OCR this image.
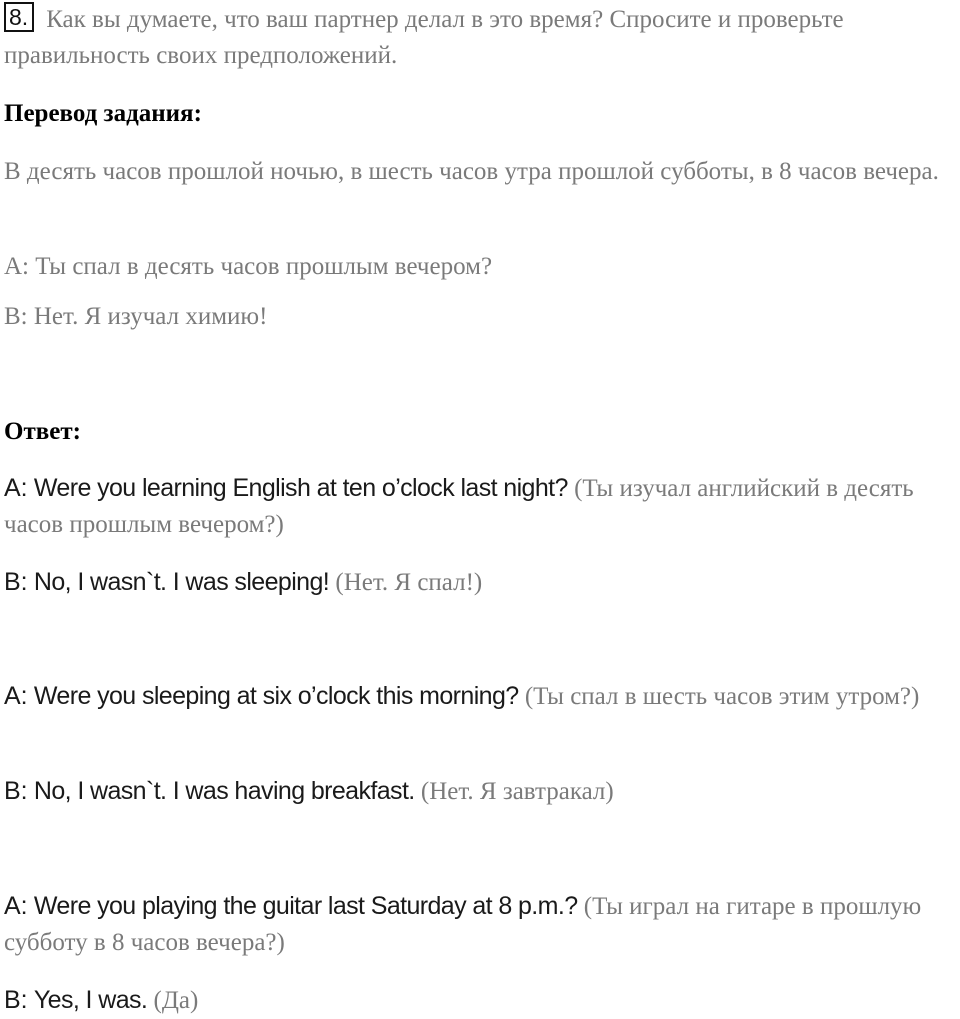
8. Как вы думаете, что ваш партнер делал в это время? Спросите и проверьте правильность своих предположений.

Перевод задания:

В десять часов прошлой ночью, в шесть часов утра прошлой субботы, в 8 часов вечера.

A: Ты спал в десять часов прошлым вечером?

B: Нет. Я изучал химию!

Ответ:

A: Were you learning English at ten o’clock last night? (Ты изучал английский в десять часов прошлым вечером?)

B: No, I wasn`t. I was sleeping! (Нет. Я спал!)

A: Were you sleeping at six o’clock this morning? (Ты спал в шесть часов этим утром?)

B: No, I wasn`t. I was having breakfast. (Нет. Я завтракал)

A: Were you playing the guitar last Saturday at 8 p.m.? (Ты играл на гитаре в прошлую субботу в 8 часов вечера?)

B: Yes, I was. (Да)
